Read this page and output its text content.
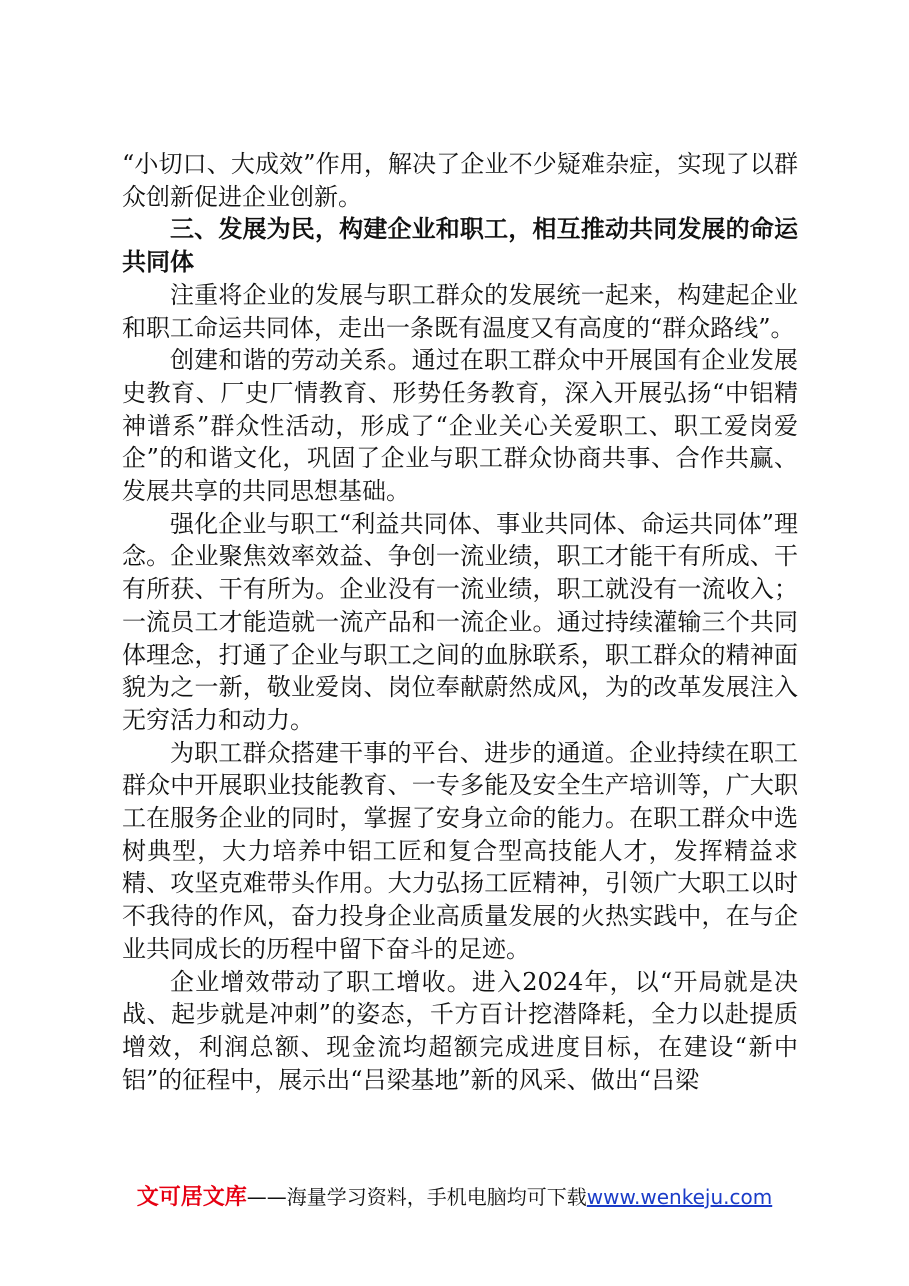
“小切口、大成效”作用，解决了企业不少疑难杂症，实现了以群众创新促进企业创新。

三、发展为民，构建企业和职工，相互推动共同发展的命运共同体

注重将企业的发展与职工群众的发展统一起来，构建起企业和职工命运共同体，走出一条既有温度又有高度的“群众路线”。

创建和谐的劳动关系。通过在职工群众中开展国有企业发展史教育、厂史厂情教育、形势任务教育，深入开展弘扬“中铝精神谱系”群众性活动，形成了“企业关心关爱职工、职工爱岗爱企”的和谐文化，巩固了企业与职工群众协商共事、合作共赢、发展共享的共同思想基础。

强化企业与职工“利益共同体、事业共同体、命运共同体”理念。企业聚焦效率效益、争创一流业绩，职工才能干有所成、干有所获、干有所为。企业没有一流业绩，职工就没有一流收入；一流员工才能造就一流产品和一流企业。通过持续灌输三个共同体理念，打通了企业与职工之间的血脉联系，职工群众的精神面貌为之一新，敬业爱岗、岗位奉献蔚然成风，为的改革发展注入无穷活力和动力。

为职工群众搭建干事的平台、进步的通道。企业持续在职工群众中开展职业技能教育、一专多能及安全生产培训等，广大职工在服务企业的同时，掌握了安身立命的能力。在职工群众中选树典型，大力培养中铝工匠和复合型高技能人才，发挥精益求精、攻坚克难带头作用。大力弘扬工匠精神，引领广大职工以时不我待的作风，奋力投身企业高质量发展的火热实践中，在与企业共同成长的历程中留下奋斗的足迹。

企业增效带动了职工增收。进入2024年，以“开局就是决战、起步就是冲刺”的姿态，千方百计挖潜降耗，全力以赴提质增效，利润总额、现金流均超额完成进度目标，在建设“新中铝”的征程中，展示出“吕梁基地”新的风采、做出“吕梁

文可居文库——海量学习资料，手机电脑均可下载www.wenkeju.com
